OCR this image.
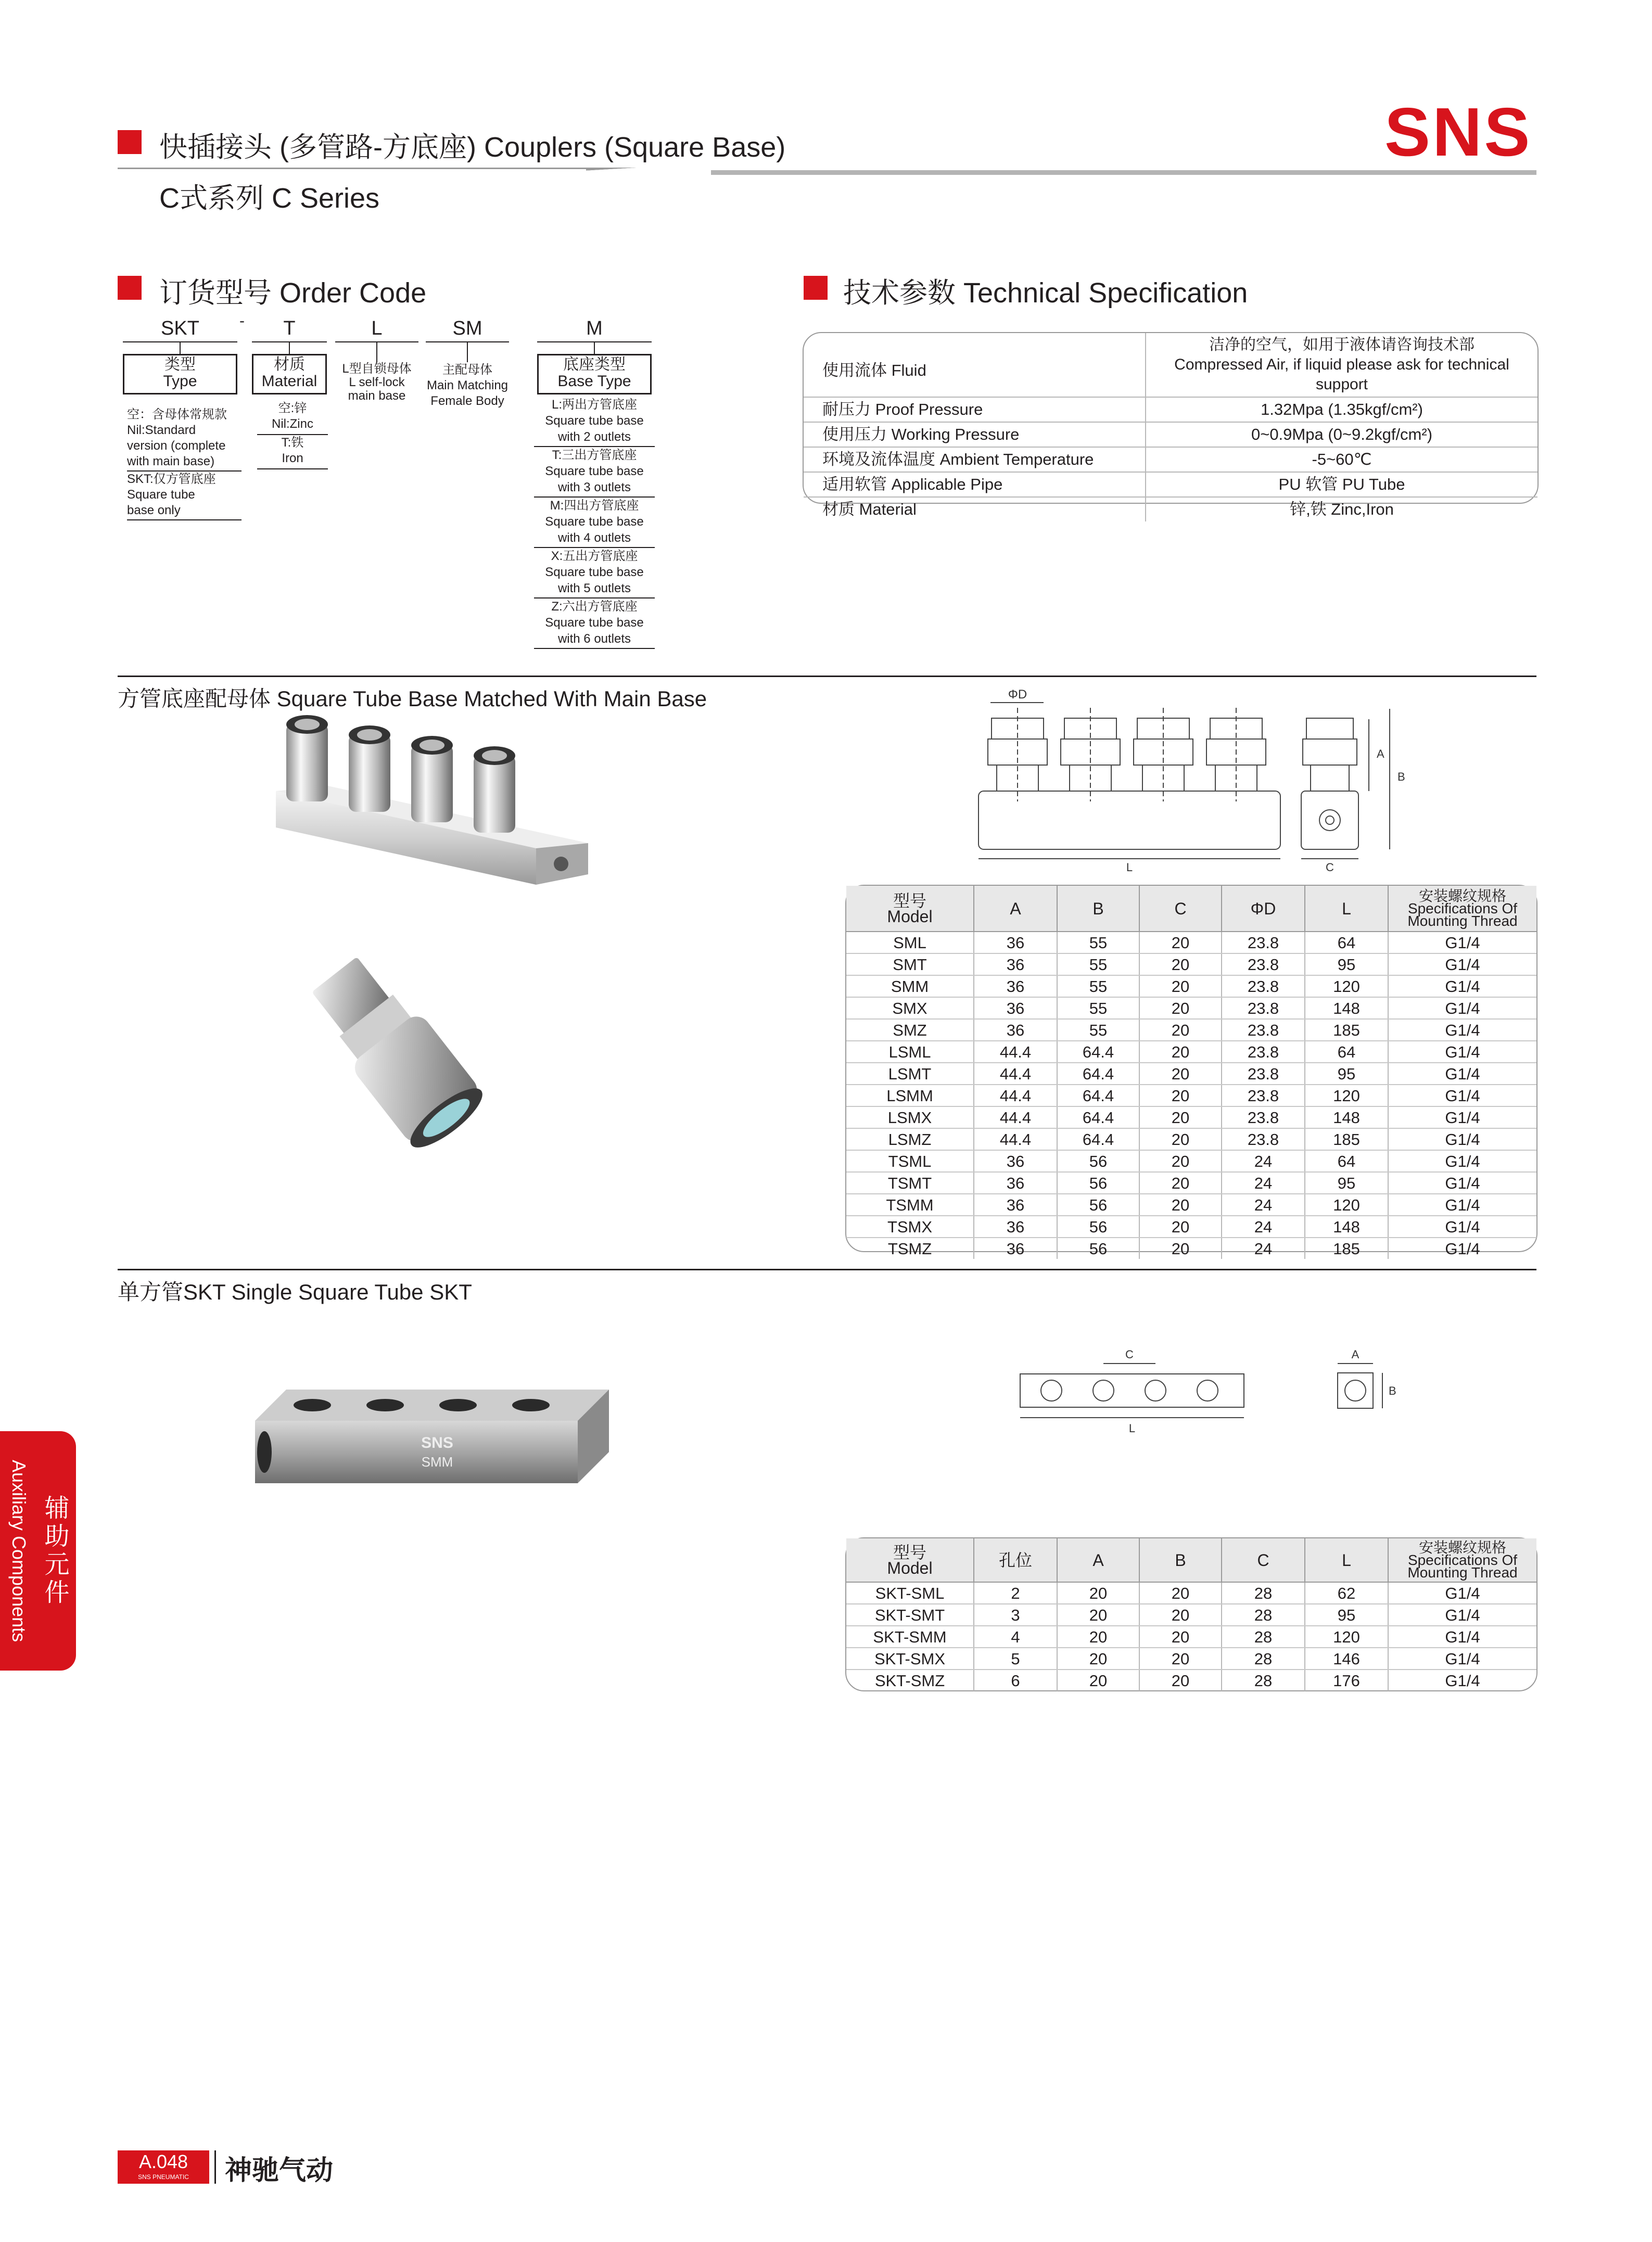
快插接头 (多管路-方底座) Couplers (Square Base)	SNS
C式系列 C Series
订货型号 Order Code
SKT	-	T	L	SM	M
类型
Type
空：含母体常规款
Nil:Standard
version (complete
with main base)
SKT:仅方管底座
Square tube
base only
材质
Material
空:锌
Nil:Zinc
T:铁
Iron
L型自锁母体
L self-lock
main base
主配母体
Main Matching
Female Body
底座类型
Base Type
L:两出方管底座
Square tube base
with 2 outlets
T:三出方管底座
Square tube base
with 3 outlets
M:四出方管底座
Square tube base
with 4 outlets
X:五出方管底座
Square tube base
with 5 outlets
Z:六出方管底座
Square tube base
with 6 outlets
技术参数 Technical Specification
使用流体 Fluid	洁净的空气，如用于液体请咨询技术部
Compressed Air, if liquid please ask for technical support
耐压力 Proof Pressure	1.32Mpa (1.35kgf/cm²)
使用压力 Working Pressure	0~0.9Mpa (0~9.2kgf/cm²)
环境及流体温度 Ambient Temperature	-5~60℃
适用软管 Applicable Pipe	PU 软管 PU Tube
材质 Material	锌,铁 Zinc,Iron
方管底座配母体 Square Tube Base Matched With Main Base	ΦD
L
A
B
C
型号
Model	A	B	C	ΦD	L	安装螺纹规格
Specifications Of
Mounting Thread
SML	36	55	20	23.8	64	G1/4
SMT	36	55	20	23.8	95	G1/4
SMM	36	55	20	23.8	120	G1/4
SMX	36	55	20	23.8	148	G1/4
SMZ	36	55	20	23.8	185	G1/4
LSML	44.4	64.4	20	23.8	64	G1/4
LSMT	44.4	64.4	20	23.8	95	G1/4
LSMM	44.4	64.4	20	23.8	120	G1/4
LSMX	44.4	64.4	20	23.8	148	G1/4
LSMZ	44.4	64.4	20	23.8	185	G1/4
TSML	36	56	20	24	64	G1/4
TSMT	36	56	20	24	95	G1/4
TSMM	36	56	20	24	120	G1/4
TSMX	36	56	20	24	148	G1/4
TSMZ	36	56	20	24	185	G1/4
单方管SKT Single Square Tube SKT
SNS
SMM
C
L
A
B
型号
Model	孔位	A	B	C	L	安装螺纹规格
Specifications Of
Mounting Thread
SKT-SML	2	20	20	28	62	G1/4
SKT-SMT	3	20	20	28	95	G1/4
SKT-SMM	4	20	20	28	120	G1/4
SKT-SMX	5	20	20	28	146	G1/4
SKT-SMZ	6	20	20	28	176	G1/4
Auxiliary Components 辅助元件
A.048
SNS PNEUMATIC	神驰气动
